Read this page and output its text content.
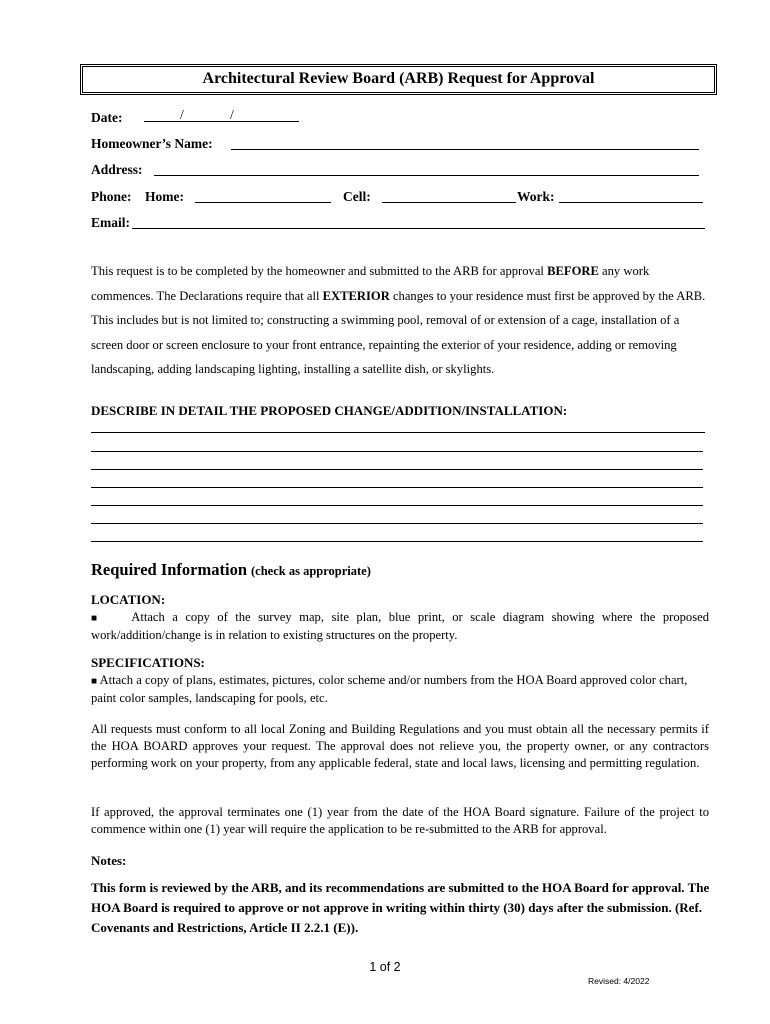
Architectural Review Board (ARB) Request for Approval
Date:	/	/
Homeowner’s Name:
Address:
Phone: Home:	Cell:	Work:
Email:
This request is to be completed by the homeowner and submitted to the ARB for approval BEFORE any work commences. The Declarations require that all EXTERIOR changes to your residence must first be approved by the ARB. This includes but is not limited to; constructing a swimming pool, removal of or extension of a cage, installation of a screen door or screen enclosure to your front entrance, repainting the exterior of your residence, adding or removing landscaping, adding landscaping lighting, installing a satellite dish, or skylights.
DESCRIBE IN DETAIL THE PROPOSED CHANGE/ADDITION/INSTALLATION:
Required Information (check as appropriate)
LOCATION:
■ Attach a copy of the survey map, site plan, blue print, or scale diagram showing where the proposed work/addition/change is in relation to existing structures on the property.
SPECIFICATIONS:
■ Attach a copy of plans, estimates, pictures, color scheme and/or numbers from the HOA Board approved color chart, paint color samples, landscaping for pools, etc.
All requests must conform to all local Zoning and Building Regulations and you must obtain all the necessary permits if the HOA BOARD approves your request. The approval does not relieve you, the property owner, or any contractors performing work on your property, from any applicable federal, state and local laws, licensing and permitting regulation.
If approved, the approval terminates one (1) year from the date of the HOA Board signature. Failure of the project to commence within one (1) year will require the application to be re-submitted to the ARB for approval.
Notes:
This form is reviewed by the ARB, and its recommendations are submitted to the HOA Board for approval. The HOA Board is required to approve or not approve in writing within thirty (30) days after the submission. (Ref. Covenants and Restrictions, Article II 2.2.1 (E)).
1 of 2
Revised: 4/2022
